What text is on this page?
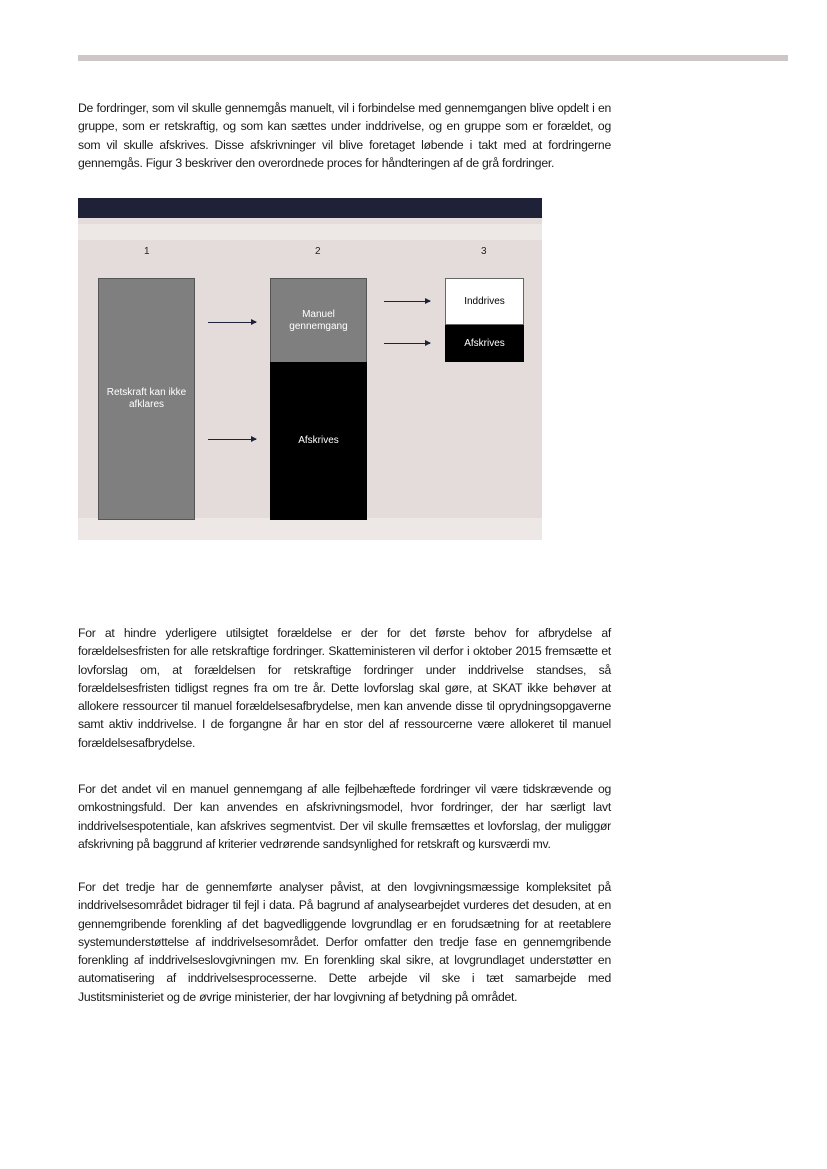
De fordringer, som vil skulle gennemgås manuelt, vil i forbindelse med gennemgangen blive opdelt i en gruppe, som er retskraftig, og som kan sættes under inddrivelse, og en gruppe som er forældet, og som vil skulle afskrives. Disse afskrivninger vil blive foretaget løbende i takt med at fordringerne gennemgås. Figur 3 beskriver den overordnede proces for håndteringen af de grå fordringer.

1	2	3
Retskraft kan ikke afklares
Manuel gennemgang
Afskrives
Inddrives
Afskrives

For at hindre yderligere utilsigtet forældelse er der for det første behov for afbrydelse af forældelsesfristen for alle retskraftige fordringer. Skatteministeren vil derfor i oktober 2015 fremsætte et lovforslag om, at forældelsen for retskraftige fordringer under inddrivelse standses, så forældelsesfristen tidligst regnes fra om tre år. Dette lovforslag skal gøre, at SKAT ikke behøver at allokere ressourcer til manuel forældelsesafbrydelse, men kan anvende disse til oprydningsopgaverne samt aktiv inddrivelse. I de forgangne år har en stor del af ressourcerne være allokeret til manuel forældelsesafbrydelse.

For det andet vil en manuel gennemgang af alle fejlbehæftede fordringer vil være tidskrævende og omkostningsfuld. Der kan anvendes en afskrivningsmodel, hvor fordringer, der har særligt lavt inddrivelsespotentiale, kan afskrives segmentvist. Der vil skulle fremsættes et lovforslag, der muliggør afskrivning på baggrund af kriterier vedrørende sandsynlighed for retskraft og kursværdi mv.

For det tredje har de gennemførte analyser påvist, at den lovgivningsmæssige kompleksitet på inddrivelsesområdet bidrager til fejl i data. På bagrund af analysearbejdet vurderes det desuden, at en gennemgribende forenkling af det bagvedliggende lovgrundlag er en forudsætning for at reetablere systemunderstøttelse af inddrivelsesområdet. Derfor omfatter den tredje fase en gennemgribende forenkling af inddrivelseslovgivningen mv. En forenkling skal sikre, at lovgrundlaget understøtter en automatisering af inddrivelsesprocesserne. Dette arbejde vil ske i tæt samarbejde med Justitsministeriet og de øvrige ministerier, der har lovgivning af betydning på området.
